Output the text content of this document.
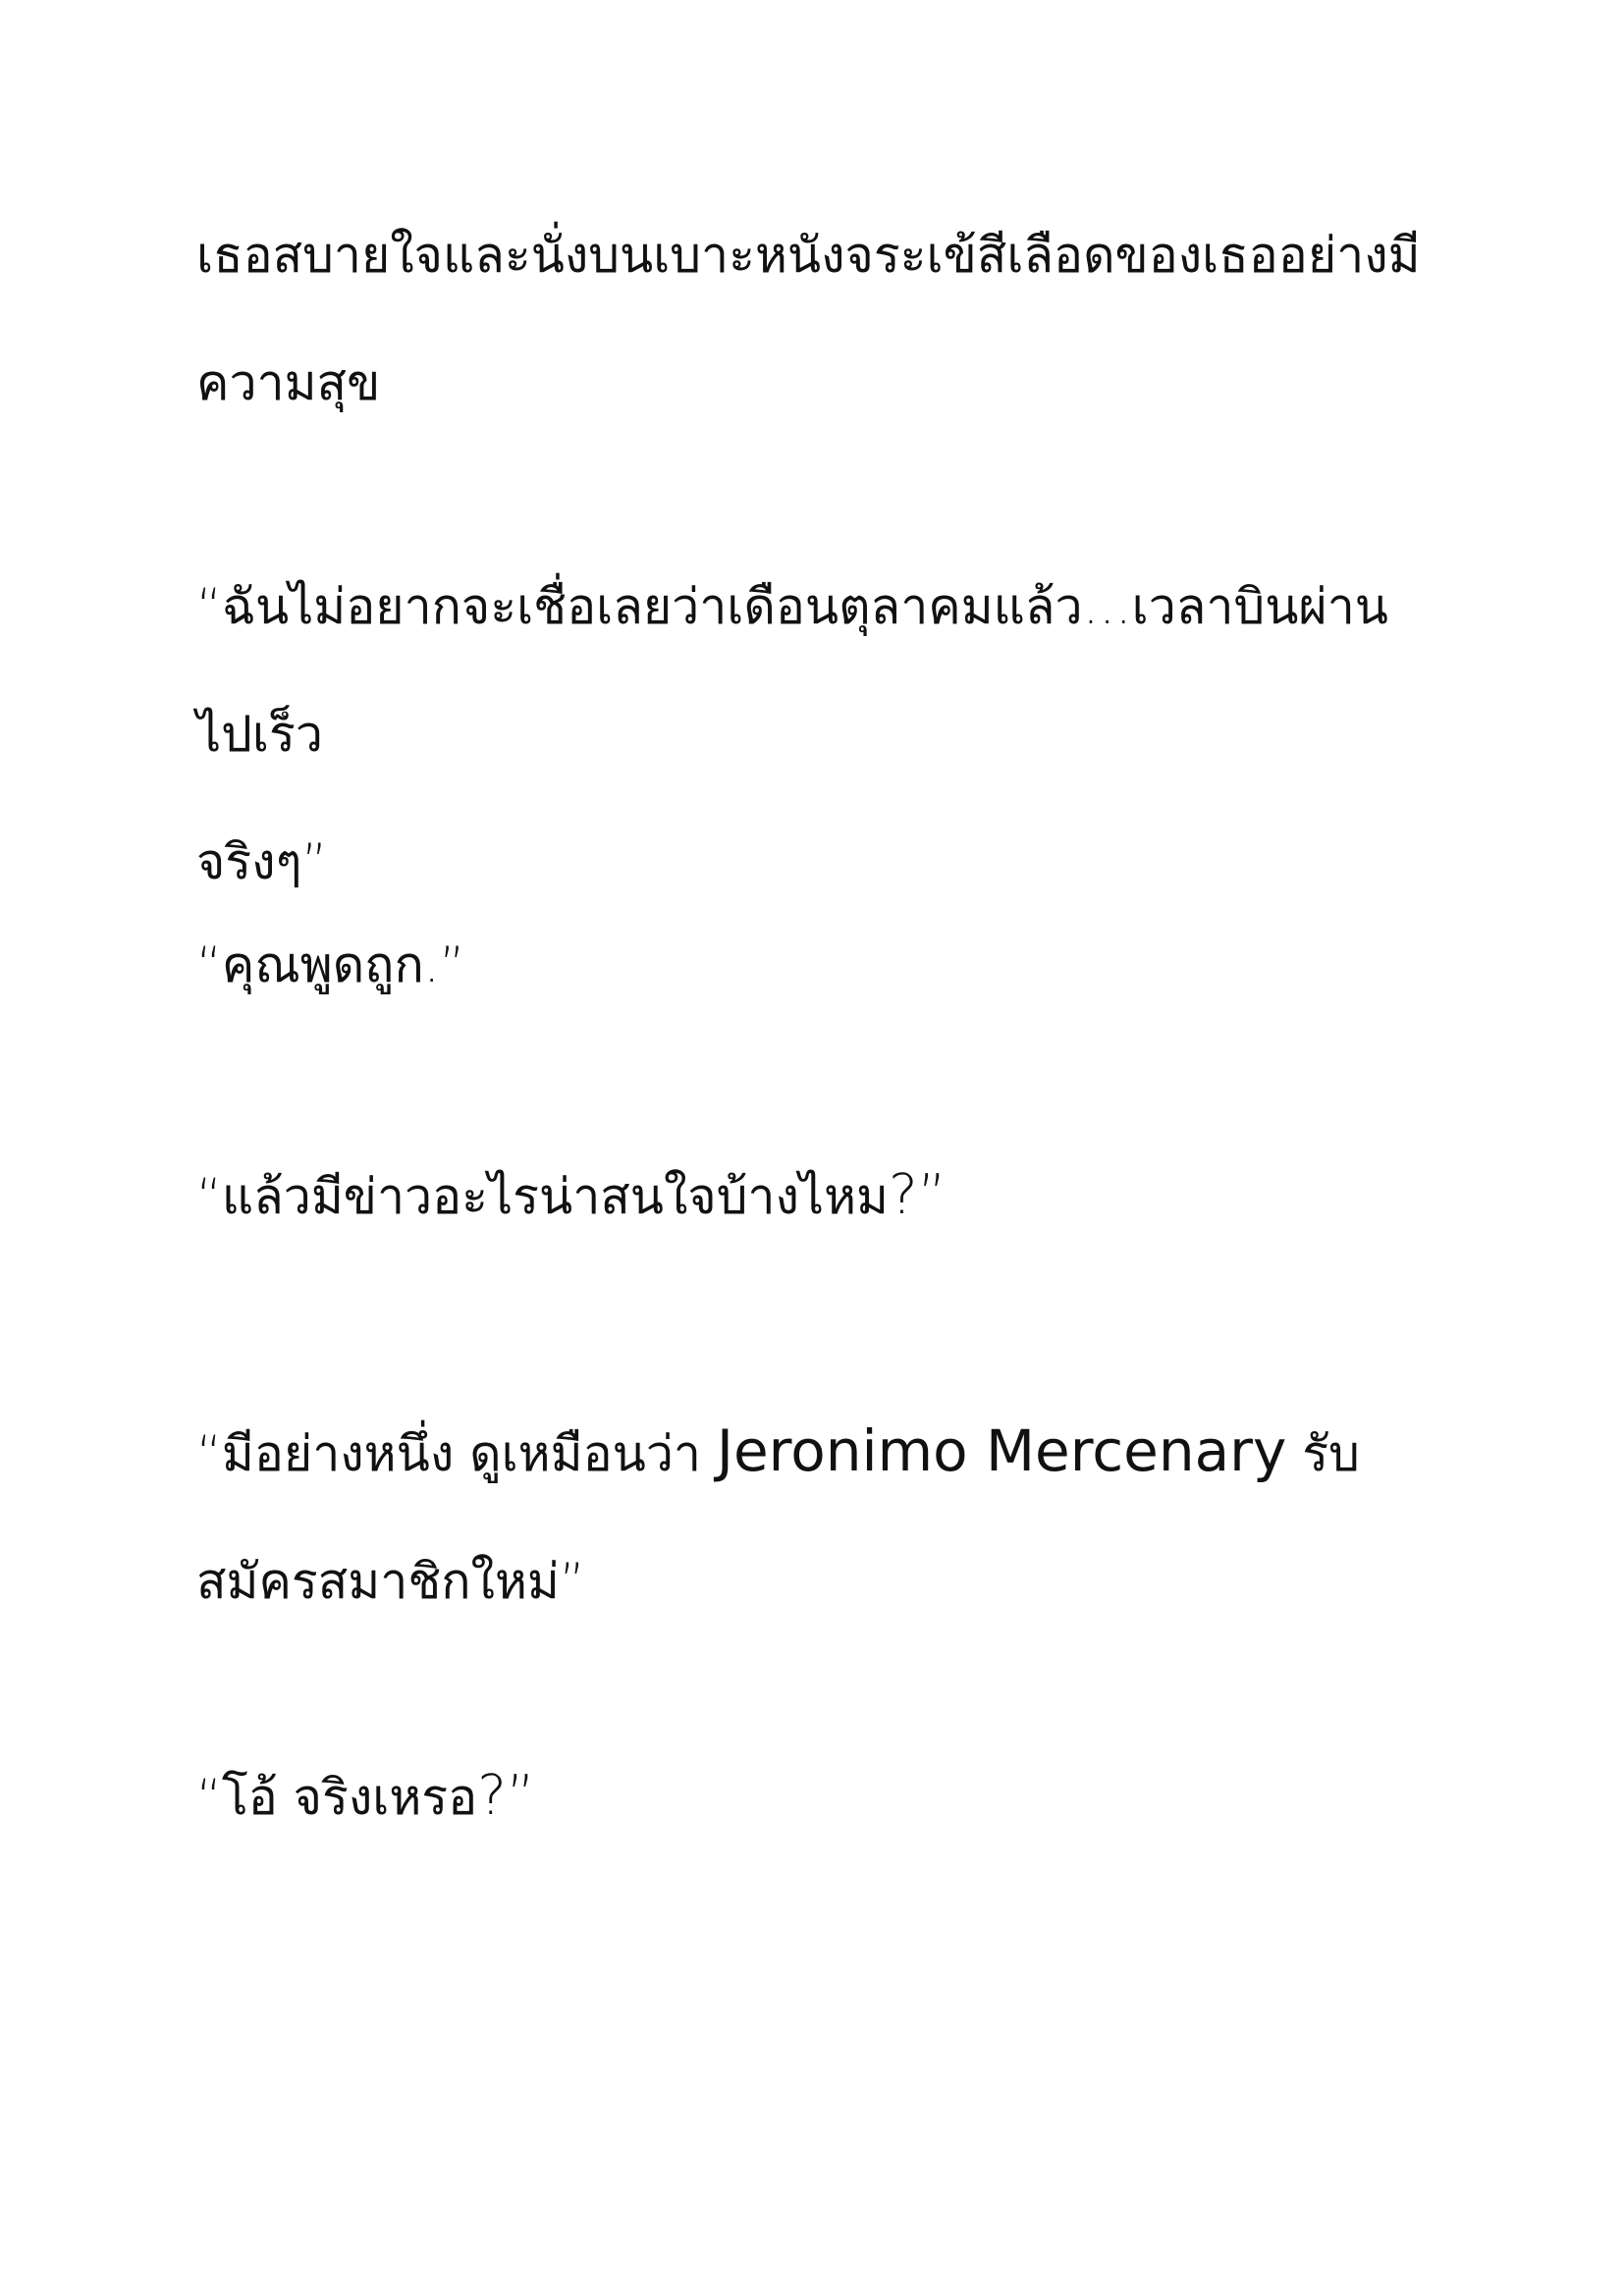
เธอสบายใจและนั่งบนเบาะหนังจระเข้สีเลือดของเธออย่างมี
ความสุข

“ฉันไม่อยากจะเชื่อเลยว่าเดือนตุลาคมแล้ว…เวลาบินผ่านไปเร็ว
จริงๆ”

“คุณพูดถูก.”

“แล้วมีข่าวอะไรน่าสนใจบ้างไหม?”

“มีอย่างหนึ่ง ดูเหมือนว่า Jeronimo Mercenary รับ
สมัครสมาชิกใหม่”

“โอ้ จริงเหรอ?”
